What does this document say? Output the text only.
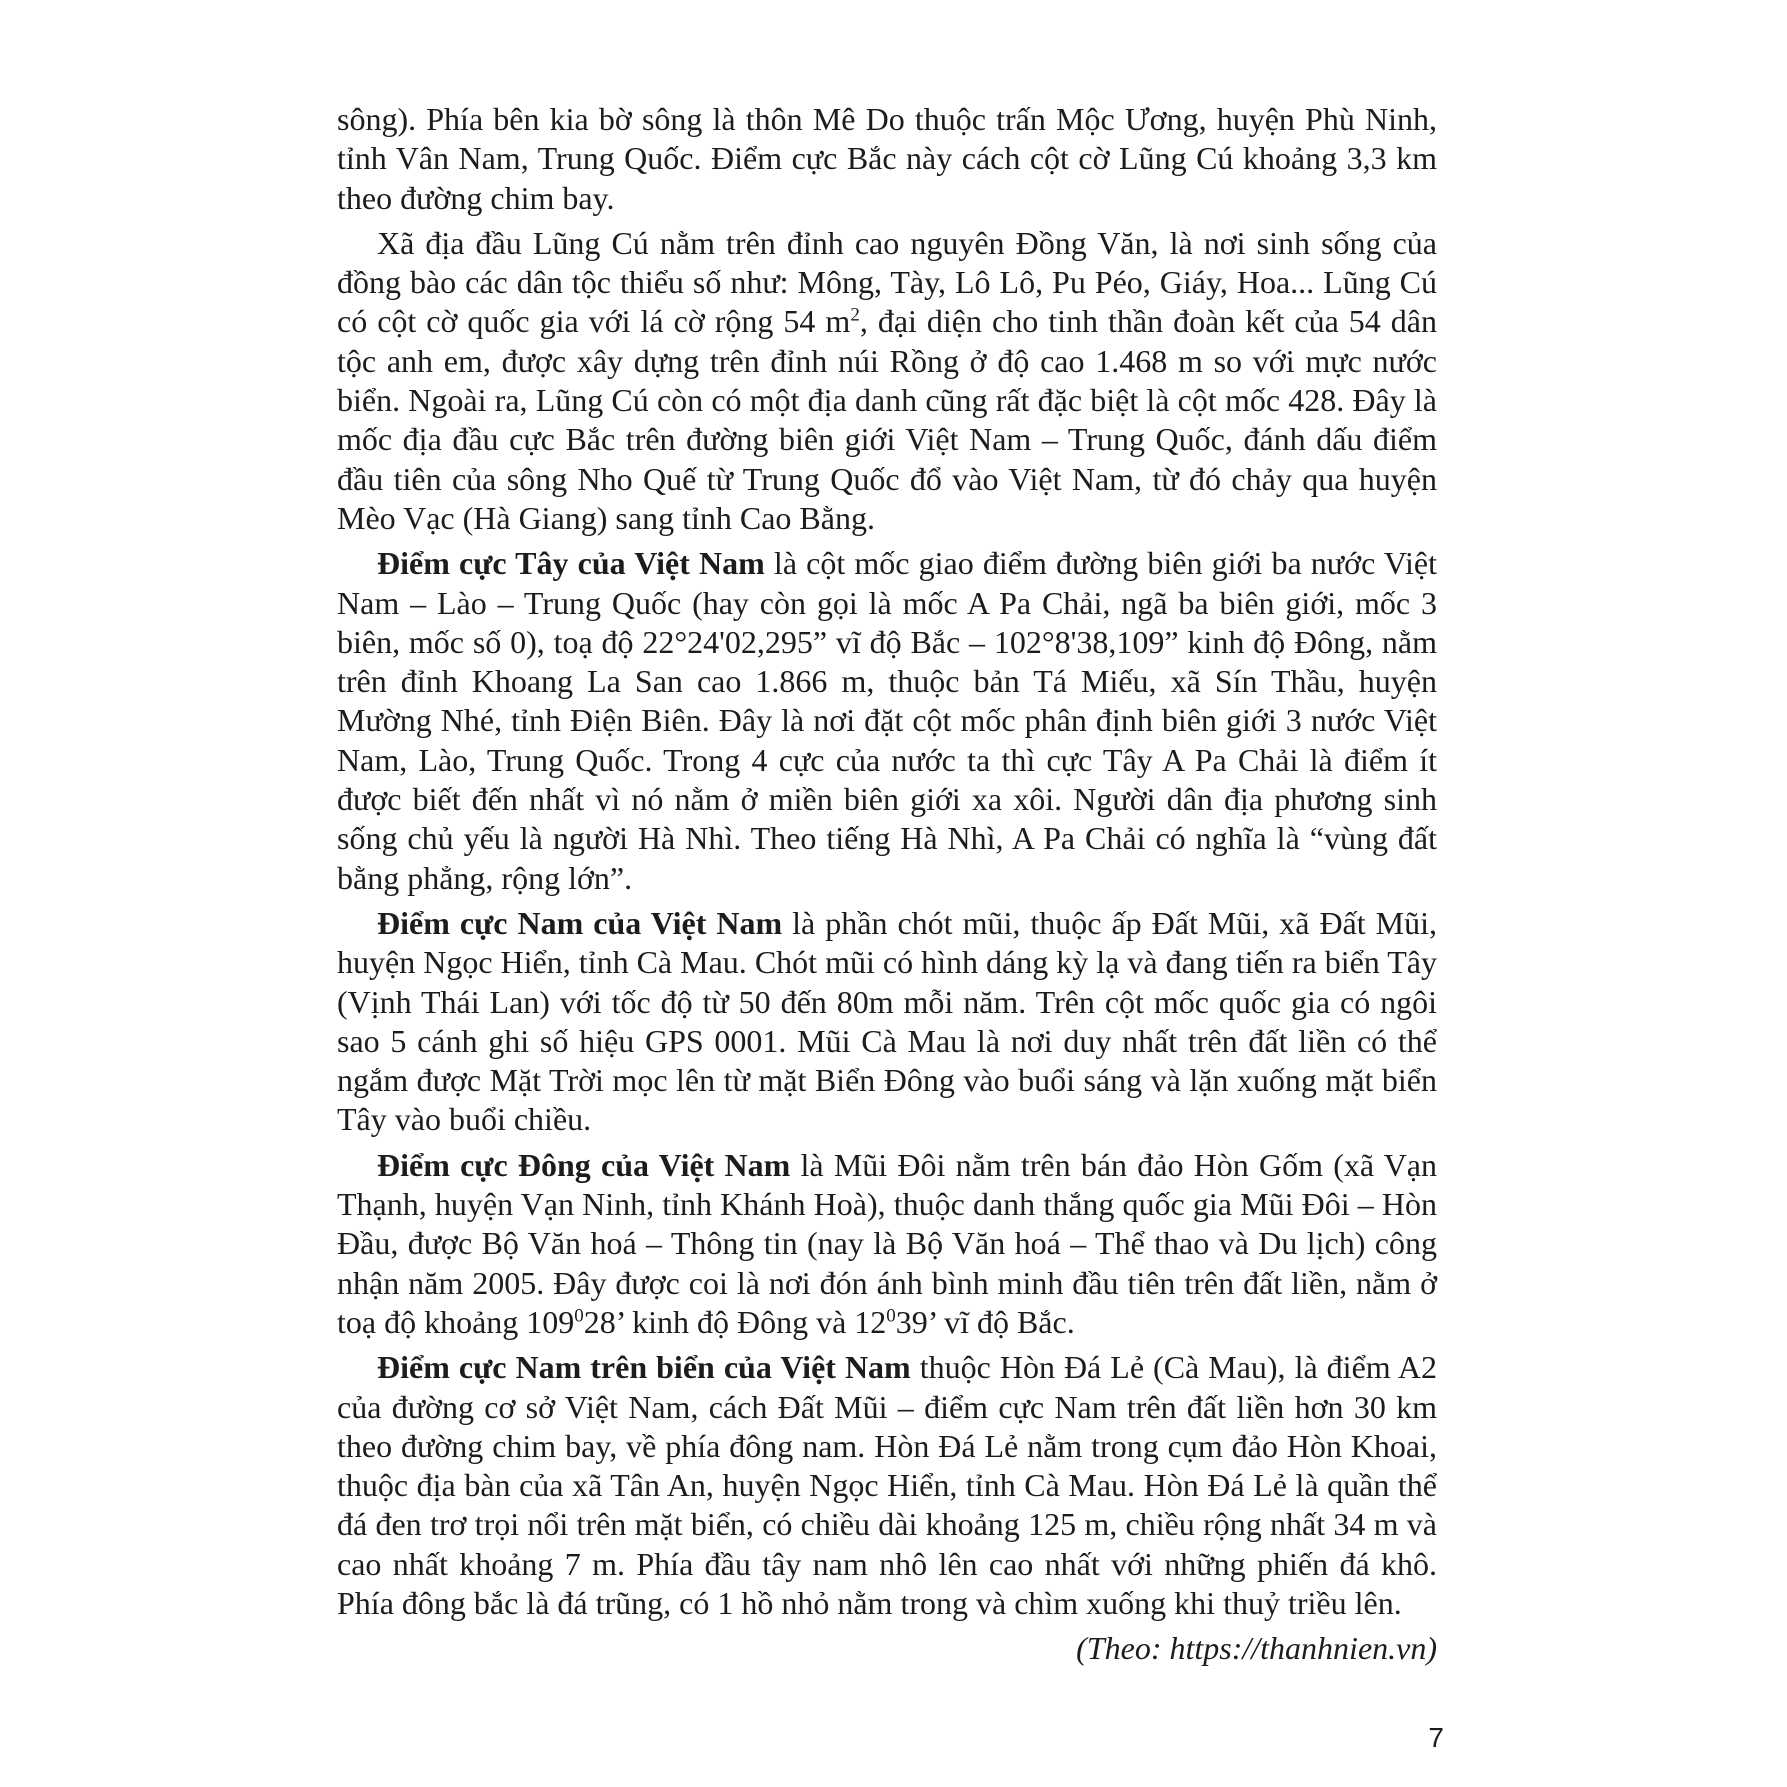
sông). Phía bên kia bờ sông là thôn Mê Do thuộc trấn Mộc Ương, huyện Phù Ninh, tỉnh Vân Nam, Trung Quốc. Điểm cực Bắc này cách cột cờ Lũng Cú khoảng 3,3 km theo đường chim bay.

Xã địa đầu Lũng Cú nằm trên đỉnh cao nguyên Đồng Văn, là nơi sinh sống của đồng bào các dân tộc thiểu số như: Mông, Tày, Lô Lô, Pu Péo, Giáy, Hoa... Lũng Cú có cột cờ quốc gia với lá cờ rộng 54 $m^2$, đại diện cho tinh thần đoàn kết của 54 dân tộc anh em, được xây dựng trên đỉnh núi Rồng ở độ cao 1.468 m so với mực nước biển. Ngoài ra, Lũng Cú còn có một địa danh cũng rất đặc biệt là cột mốc 428. Đây là mốc địa đầu cực Bắc trên đường biên giới Việt Nam – Trung Quốc, đánh dấu điểm đầu tiên của sông Nho Quế từ Trung Quốc đổ vào Việt Nam, từ đó chảy qua huyện Mèo Vạc (Hà Giang) sang tỉnh Cao Bằng.

Điểm cực Tây của Việt Nam là cột mốc giao điểm đường biên giới ba nước Việt Nam – Lào – Trung Quốc (hay còn gọi là mốc A Pa Chải, ngã ba biên giới, mốc 3 biên, mốc số 0), toạ độ 22°24'02,295” vĩ độ Bắc – 102°8'38,109” kinh độ Đông, nằm trên đỉnh Khoang La San cao 1.866 m, thuộc bản Tá Miếu, xã Sín Thầu, huyện Mường Nhé, tỉnh Điện Biên. Đây là nơi đặt cột mốc phân định biên giới 3 nước Việt Nam, Lào, Trung Quốc. Trong 4 cực của nước ta thì cực Tây A Pa Chải là điểm ít được biết đến nhất vì nó nằm ở miền biên giới xa xôi. Người dân địa phương sinh sống chủ yếu là người Hà Nhì. Theo tiếng Hà Nhì, A Pa Chải có nghĩa là “vùng đất bằng phẳng, rộng lớn”.

Điểm cực Nam của Việt Nam là phần chót mũi, thuộc ấp Đất Mũi, xã Đất Mũi, huyện Ngọc Hiển, tỉnh Cà Mau. Chót mũi có hình dáng kỳ lạ và đang tiến ra biển Tây (Vịnh Thái Lan) với tốc độ từ 50 đến 80m mỗi năm. Trên cột mốc quốc gia có ngôi sao 5 cánh ghi số hiệu GPS 0001. Mũi Cà Mau là nơi duy nhất trên đất liền có thể ngắm được Mặt Trời mọc lên từ mặt Biển Đông vào buổi sáng và lặn xuống mặt biển Tây vào buổi chiều.

Điểm cực Đông của Việt Nam là Mũi Đôi nằm trên bán đảo Hòn Gốm (xã Vạn Thạnh, huyện Vạn Ninh, tỉnh Khánh Hoà), thuộc danh thắng quốc gia Mũi Đôi – Hòn Đầu, được Bộ Văn hoá – Thông tin (nay là Bộ Văn hoá – Thể thao và Du lịch) công nhận năm 2005. Đây được coi là nơi đón ánh bình minh đầu tiên trên đất liền, nằm ở toạ độ khoảng $109^028$’ kinh độ Đông và $12^039$’ vĩ độ Bắc.

Điểm cực Nam trên biển của Việt Nam thuộc Hòn Đá Lẻ (Cà Mau), là điểm A2 của đường cơ sở Việt Nam, cách Đất Mũi – điểm cực Nam trên đất liền hơn 30 km theo đường chim bay, về phía đông nam. Hòn Đá Lẻ nằm trong cụm đảo Hòn Khoai, thuộc địa bàn của xã Tân An, huyện Ngọc Hiển, tỉnh Cà Mau. Hòn Đá Lẻ là quần thể đá đen trơ trọi nổi trên mặt biển, có chiều dài khoảng 125 m, chiều rộng nhất 34 m và cao nhất khoảng 7 m. Phía đầu tây nam nhô lên cao nhất với những phiến đá khô. Phía đông bắc là đá trũng, có 1 hồ nhỏ nằm trong và chìm xuống khi thuỷ triều lên.

(Theo: https://thanhnien.vn)

7
